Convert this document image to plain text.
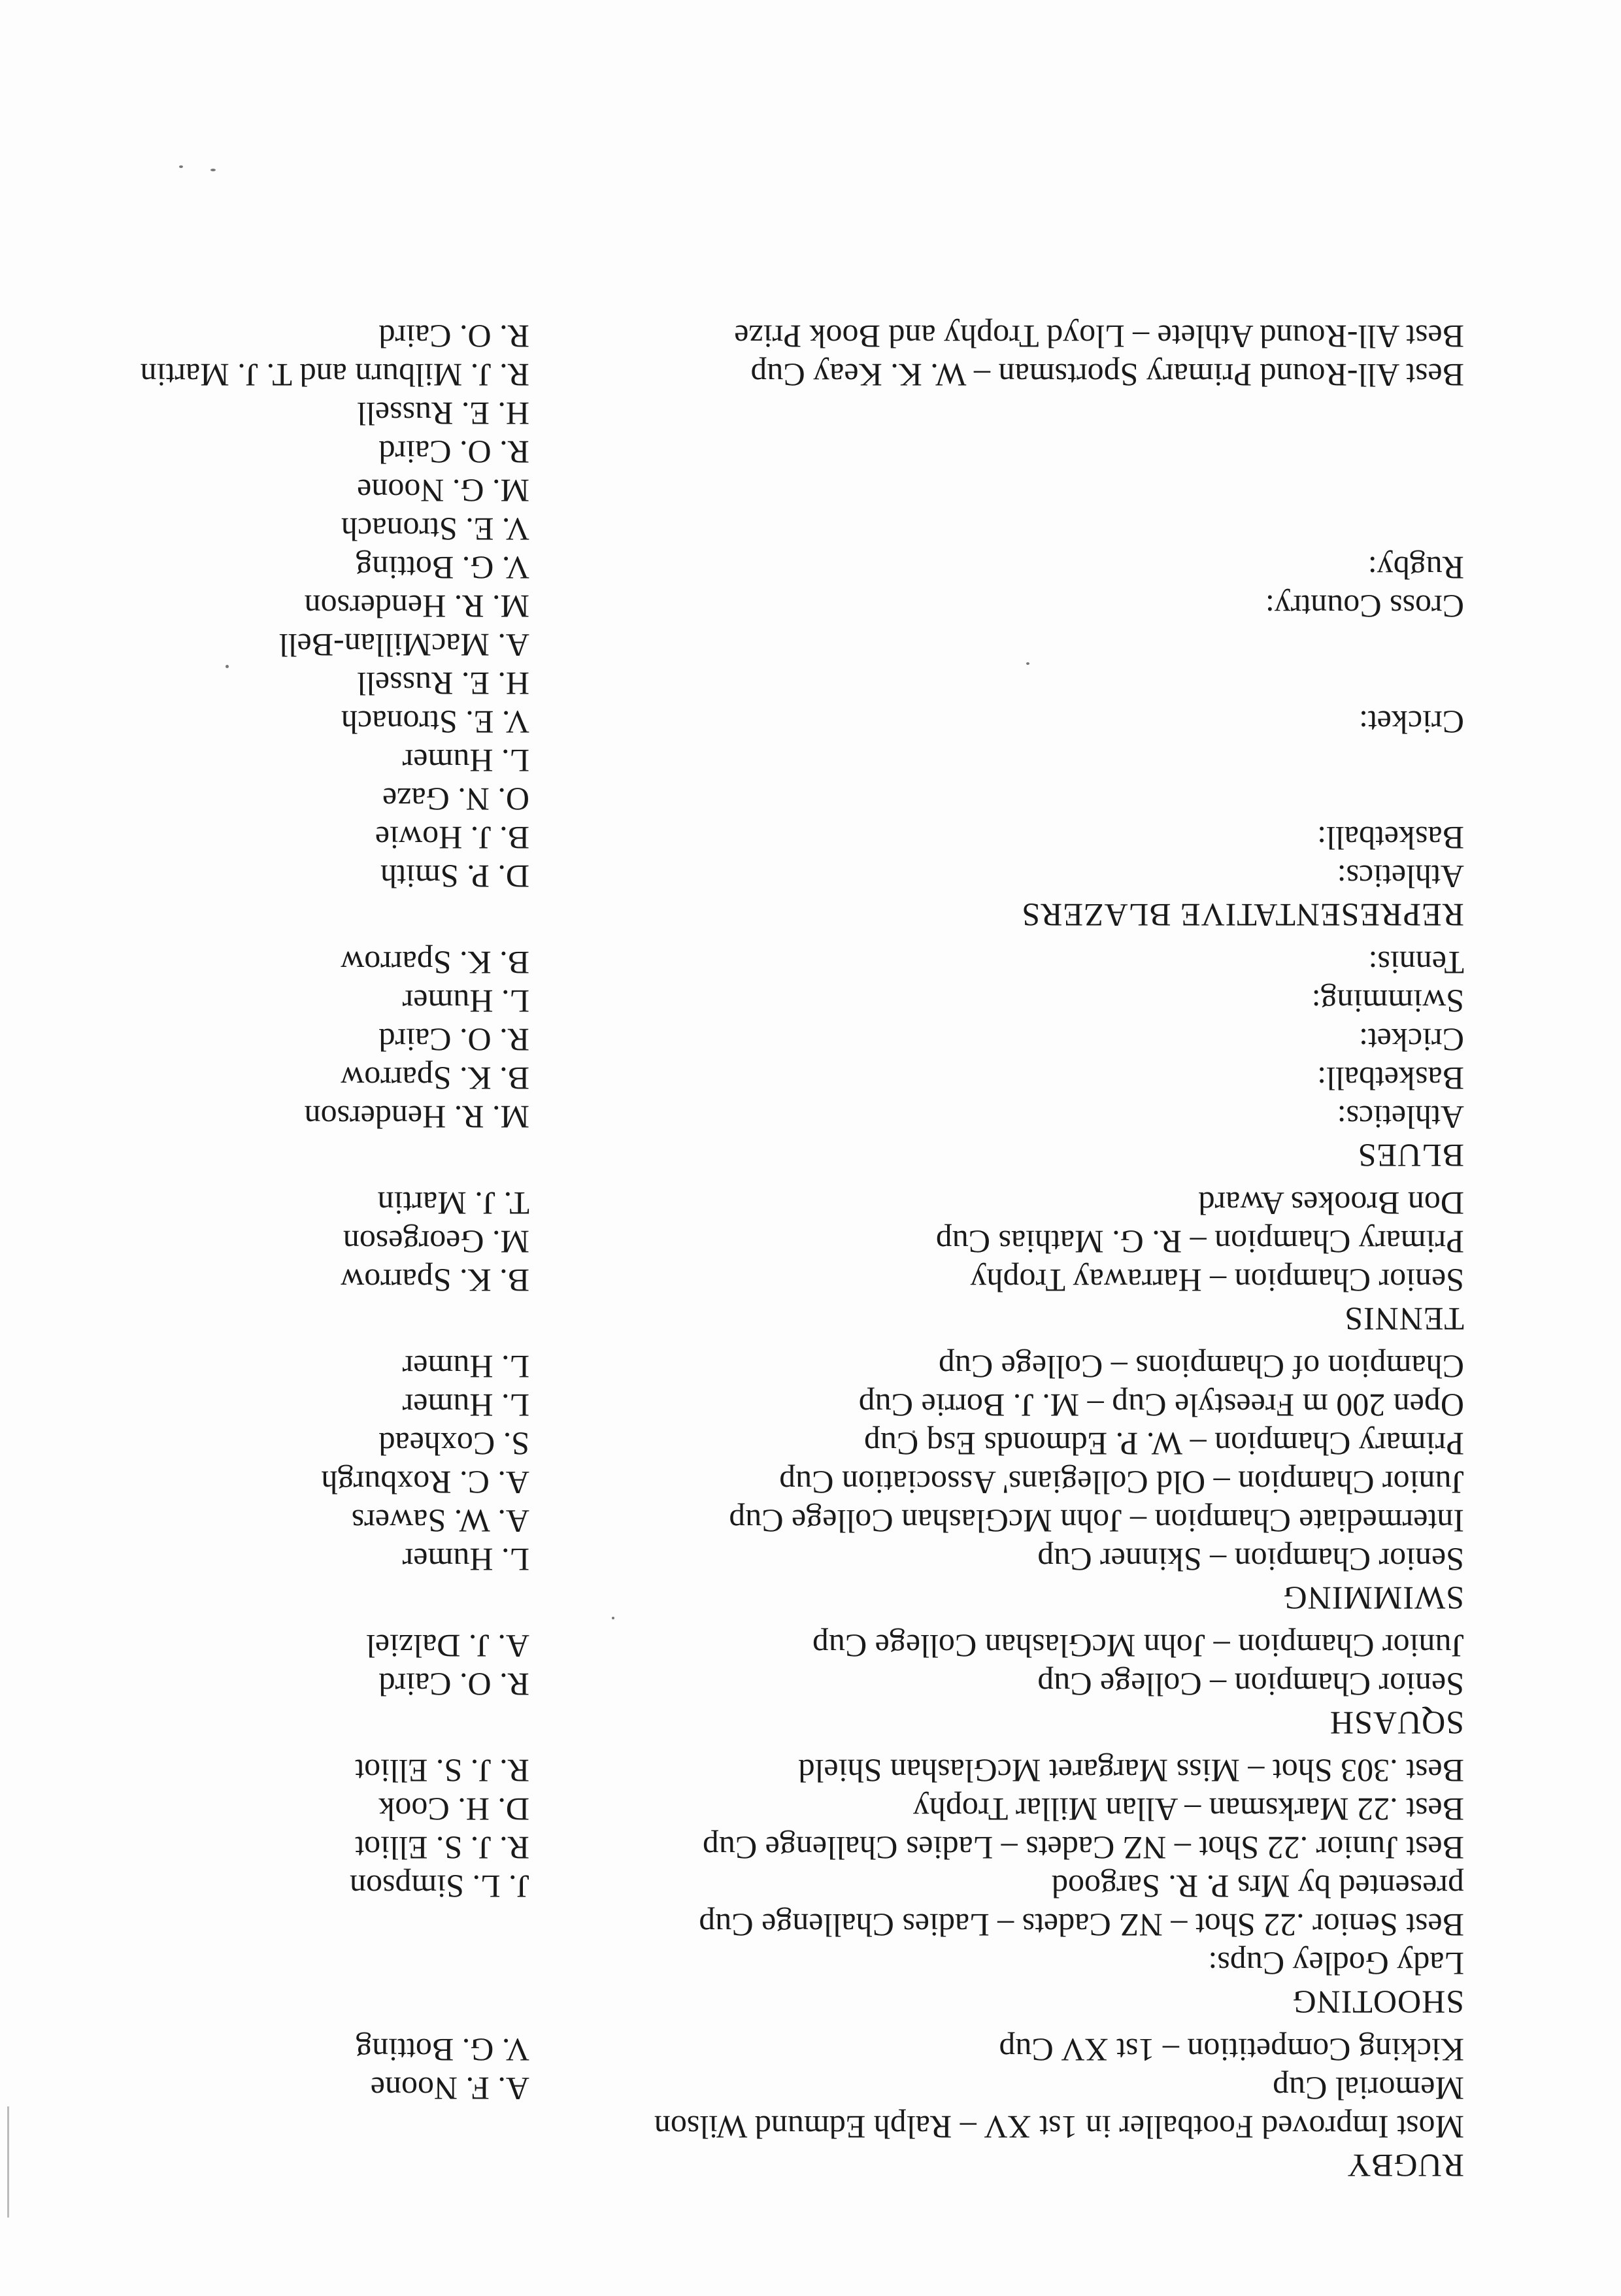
RUGBY
Most Improved Footballer in 1st XV – Ralph Edmund Wilson
Memorial Cup
A. F. Noone
Kicking Competition – 1st XV Cup
V. G. Botting
SHOOTING
Lady Godley Cups:
Best Senior .22 Shot – NZ Cadets – Ladies Challenge Cup
presented by Mrs P. R. Sargood
J. L. Simpson
Best Junior .22 Shot – NZ Cadets – Ladies Challenge Cup
R. J. S. Elliot
Best .22 Marksman – Allan Millar Trophy
D. H. Cook
Best .303 Shot – Miss Margaret McGlashan Shield
R. J. S. Elliot
SQUASH
Senior Champion – College Cup
R. O. Caird
Junior Champion – John McGlashan College Cup
A. J. Dalziel
SWIMMING
Senior Champion – Skinner Cup
L. Humer
Intermediate Champion – John McGlashan College Cup
A. W. Sawers
Junior Champion – Old Collegians' Association Cup
A. C. Roxburgh
Primary Champion – W. P. Edmonds Esq Cup
S. Coxhead
Open 200 m Freestyle Cup – M. J. Borrie Cup
L. Humer
Champion of Champions – College Cup
L. Humer
TENNIS
Senior Champion – Harraway Trophy
B. K. Sparrow
Primary Champion – R. G. Mathias Cup
M. Georgeson
Don Brookes Award
T. J. Martin
BLUES
Athletics:
M. R. Henderson
Basketball:
B. K. Sparrow
Cricket:
R. O. Caird
Swimming:
L. Humer
Tennis:
B. K. Sparrow
REPRESENTATIVE BLAZERS
Athletics:
D. P. Smith
Basketball:
B. J. Howie
O. N. Gaze
L. Humer
Cricket:
V. E. Stronach
H. E. Russell
A. MacMillan-Bell
Cross Country:
M. R. Henderson
Rugby:
V. G. Botting
V. E. Stronach
M. G. Noone
R. O. Caird
H. E. Russell
Best All-Round Primary Sportsman – W. K. Keay Cup
R. J. Milburn and T. J. Martin
Best All-Round Athlete – Lloyd Trophy and Book Prize
R. O. Caird
